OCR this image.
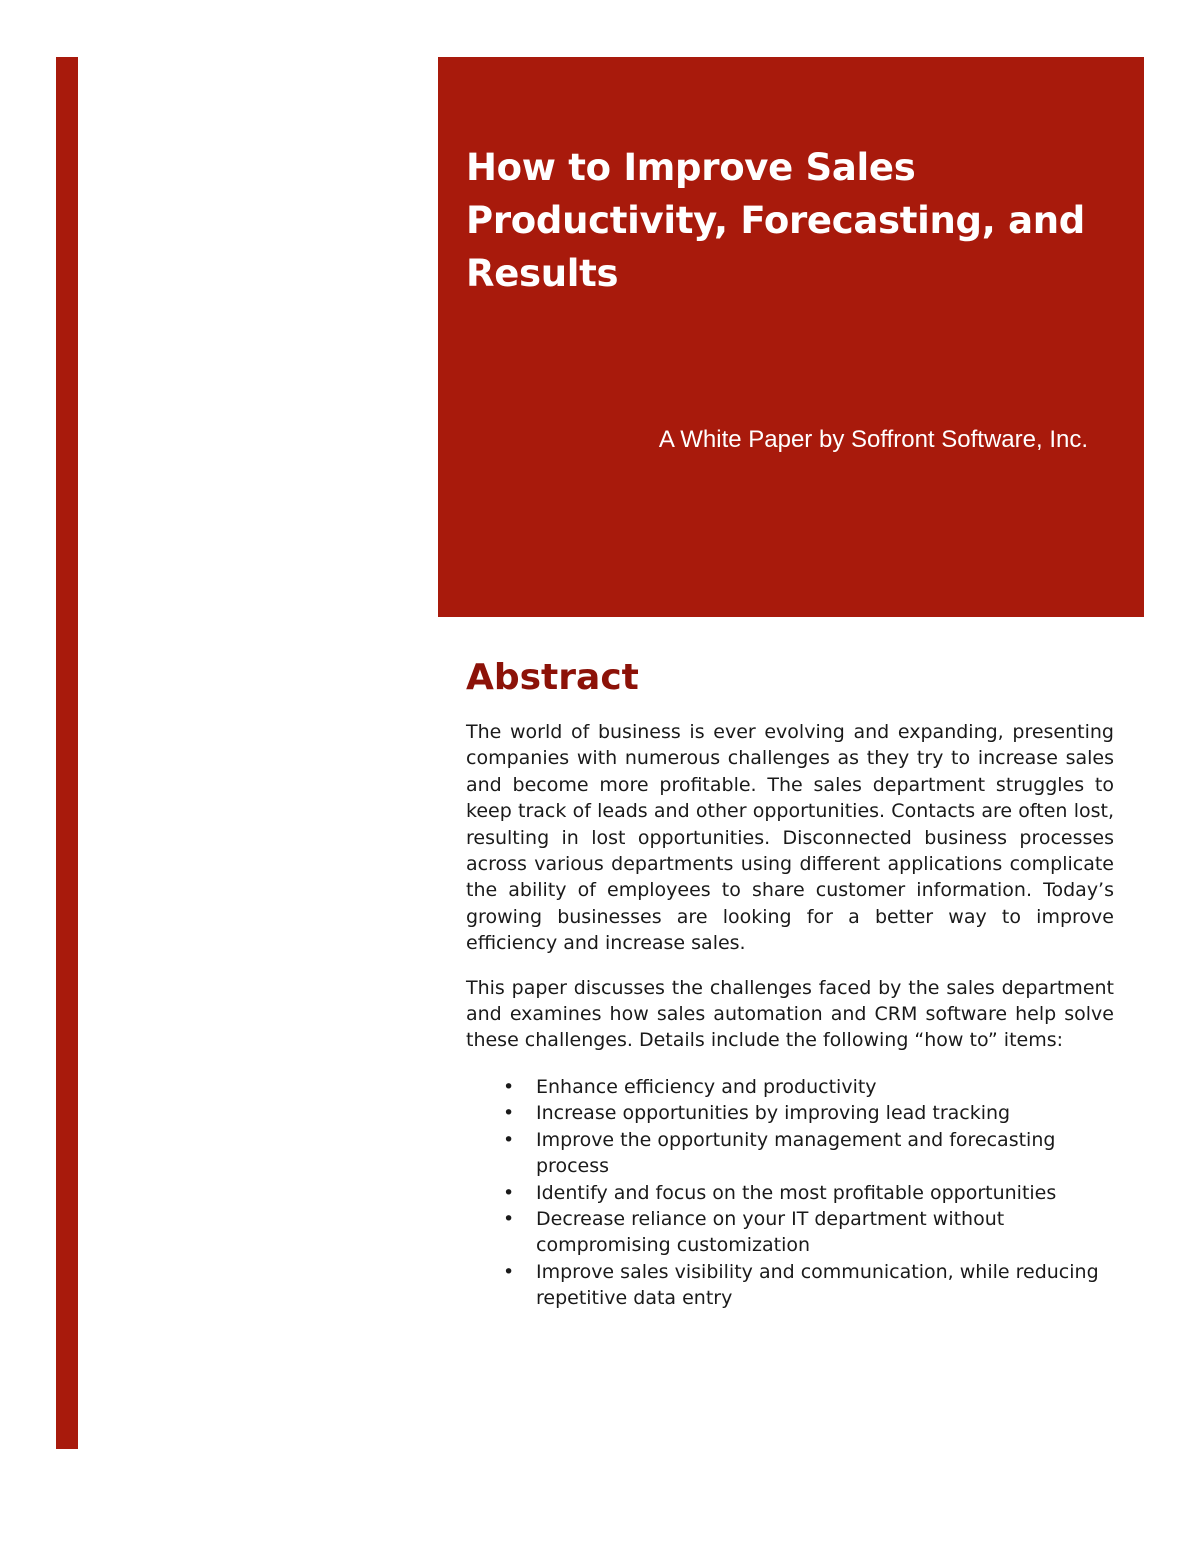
How to Improve Sales Productivity, Forecasting, and Results

A White Paper by Soffront Software, Inc.

Abstract

The world of business is ever evolving and expanding, presenting companies with numerous challenges as they try to increase sales and become more profitable. The sales department struggles to keep track of leads and other opportunities. Contacts are often lost, resulting in lost opportunities. Disconnected business processes across various departments using different applications complicate the ability of employees to share customer information. Today’s growing businesses are looking for a better way to improve efficiency and increase sales.

This paper discusses the challenges faced by the sales department and examines how sales automation and CRM software help solve these challenges. Details include the following “how to” items:

• Enhance efficiency and productivity
• Increase opportunities by improving lead tracking
• Improve the opportunity management and forecasting process
• Identify and focus on the most profitable opportunities
• Decrease reliance on your IT department without compromising customization
• Improve sales visibility and communication, while reducing repetitive data entry
